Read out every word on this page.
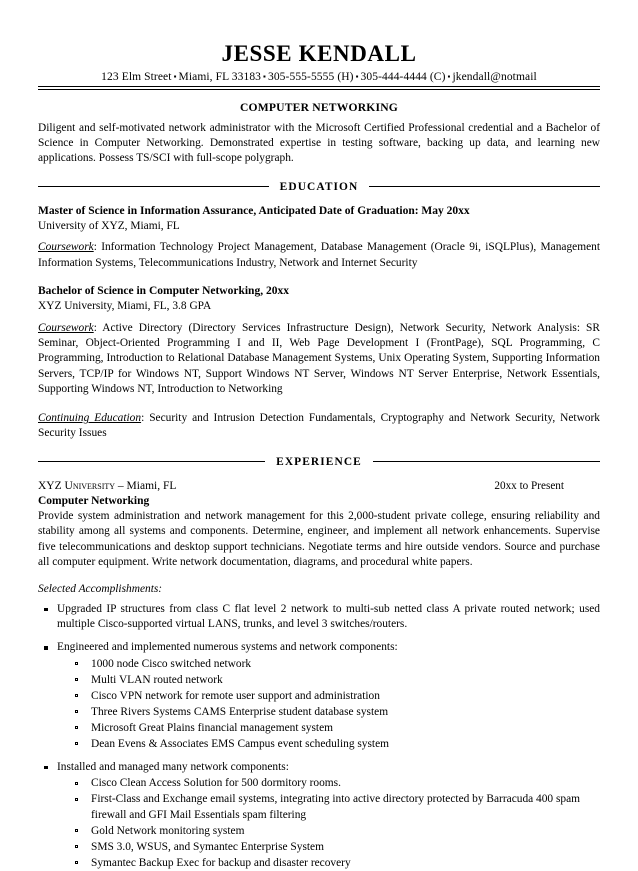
JESSE KENDALL
123 Elm Street ▪ Miami, FL 33183 ▪ 305-555-5555 (H) ▪ 305-444-4444 (C) ▪ jkendall@notmail
COMPUTER NETWORKING

Diligent and self-motivated network administrator with the Microsoft Certified Professional credential and a Bachelor of Science in Computer Networking. Demonstrated expertise in testing software, backing up data, and learning new applications. Possess TS/SCI with full-scope polygraph.

EDUCATION
Master of Science in Information Assurance, Anticipated Date of Graduation: May 20xx
University of XYZ, Miami, FL

Coursework: Information Technology Project Management, Database Management (Oracle 9i, iSQLPlus), Management Information Systems, Telecommunications Industry, Network and Internet Security

Bachelor of Science in Computer Networking, 20xx
XYZ University, Miami, FL, 3.8 GPA

Coursework: Active Directory (Directory Services Infrastructure Design), Network Security, Network Analysis: SR Seminar, Object-Oriented Programming I and II, Web Page Development I (FrontPage), SQL Programming, C Programming, Introduction to Relational Database Management Systems, Unix Operating System, Supporting Information Servers, TCP/IP for Windows NT, Support Windows NT Server, Windows NT Server Enterprise, Network Essentials, Supporting Windows NT, Introduction to Networking

Continuing Education: Security and Intrusion Detection Fundamentals, Cryptography and Network Security, Network Security Issues

EXPERIENCE
XYZ University – Miami, FL	20xx to Present
Computer Networking

Provide system administration and network management for this 2,000-student private college, ensuring reliability and stability among all systems and components. Determine, engineer, and implement all network enhancements. Supervise five telecommunications and desktop support technicians. Negotiate terms and hire outside vendors. Source and purchase all computer equipment. Write network documentation, diagrams, and procedural white papers.

Selected Accomplishments:
Upgraded IP structures from class C flat level 2 network to multi-sub netted class A private routed network; used multiple Cisco-supported virtual LANS, trunks, and level 3 switches/routers.
Engineered and implemented numerous systems and network components:
1000 node Cisco switched network
Multi VLAN routed network
Cisco VPN network for remote user support and administration
Three Rivers Systems CAMS Enterprise student database system
Microsoft Great Plains financial management system
Dean Evens & Associates EMS Campus event scheduling system
Installed and managed many network components:
Cisco Clean Access Solution for 500 dormitory rooms.
First-Class and Exchange email systems, integrating into active directory protected by Barracuda 400 spam firewall and GFI Mail Essentials spam filtering
Gold Network monitoring system
SMS 3.0, WSUS, and Symantec Enterprise System
Symantec Backup Exec for backup and disaster recovery
